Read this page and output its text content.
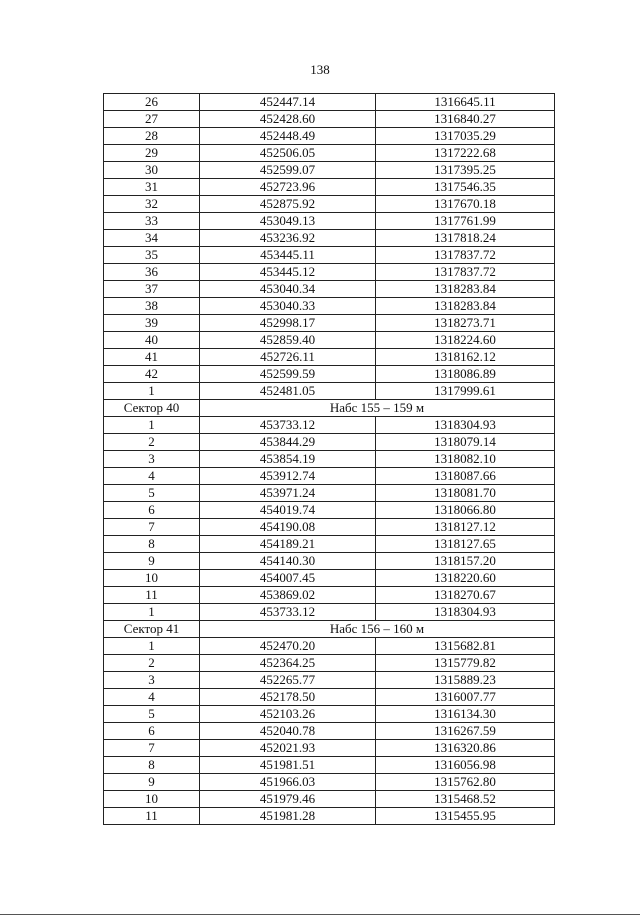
138
26	452447.14	1316645.11
27	452428.60	1316840.27
28	452448.49	1317035.29
29	452506.05	1317222.68
30	452599.07	1317395.25
31	452723.96	1317546.35
32	452875.92	1317670.18
33	453049.13	1317761.99
34	453236.92	1317818.24
35	453445.11	1317837.72
36	453445.12	1317837.72
37	453040.34	1318283.84
38	453040.33	1318283.84
39	452998.17	1318273.71
40	452859.40	1318224.60
41	452726.11	1318162.12
42	452599.59	1318086.89
1	452481.05	1317999.61
Сектор 40	Набс 155 – 159 м	
1	453733.12	1318304.93
2	453844.29	1318079.14
3	453854.19	1318082.10
4	453912.74	1318087.66
5	453971.24	1318081.70
6	454019.74	1318066.80
7	454190.08	1318127.12
8	454189.21	1318127.65
9	454140.30	1318157.20
10	454007.45	1318220.60
11	453869.02	1318270.67
1	453733.12	1318304.93
Сектор 41	Набс 156 – 160 м	
1	452470.20	1315682.81
2	452364.25	1315779.82
3	452265.77	1315889.23
4	452178.50	1316007.77
5	452103.26	1316134.30
6	452040.78	1316267.59
7	452021.93	1316320.86
8	451981.51	1316056.98
9	451966.03	1315762.80
10	451979.46	1315468.52
11	451981.28	1315455.95
